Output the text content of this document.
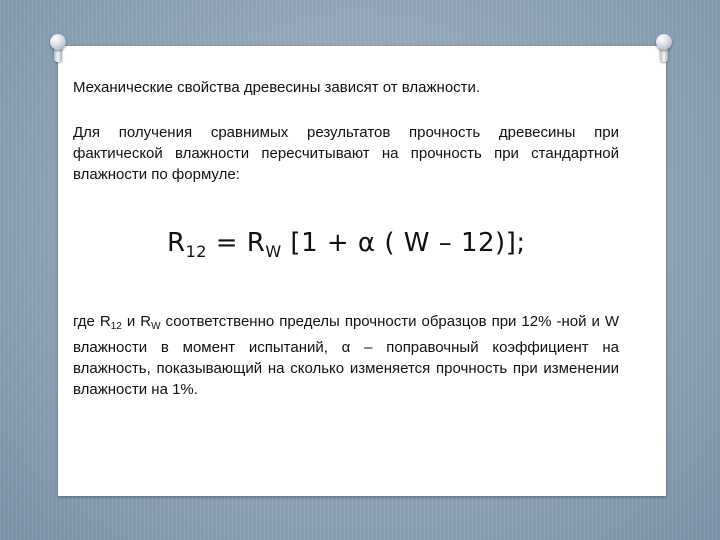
Механические свойства древесины зависят от влажности.
Для получения сравнимых результатов прочность древесины при фактической влажности пересчитывают на прочность при стандартной влажности по формуле:
$R_{12} = R_W$ [1 + α ( W – 12)];
где $R_{12}$ и $R_W$ соответственно пределы прочности образцов при 12% -ной и W влажности в момент испытаний, α – поправочный коэффициент на влажность, показывающий на сколько изменяется прочность при изменении влажности на 1%.
